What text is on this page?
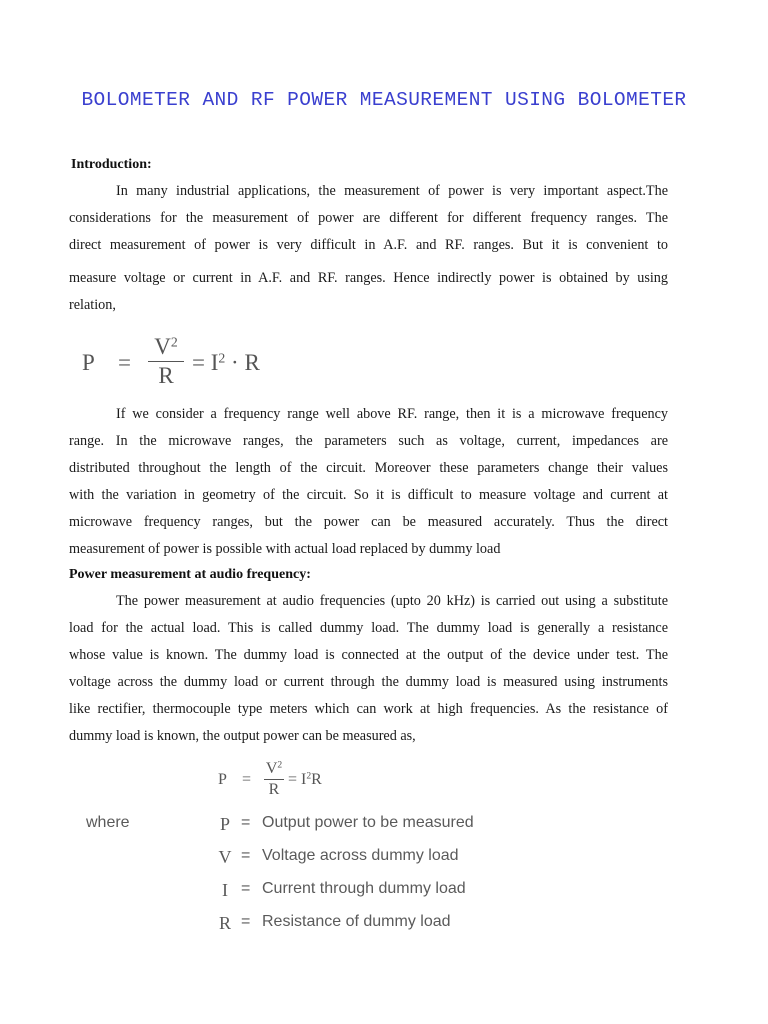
BOLOMETER AND RF POWER MEASUREMENT USING BOLOMETER
Introduction:
In many industrial applications, the measurement of power is very important aspect.The
considerations for the measurement of power are different for different frequency ranges. The
direct measurement of power is very difficult in A.F. and RF. ranges. But it is convenient to
measure voltage or current in A.F. and RF. ranges. Hence indirectly power is obtained by using
relation,
P =
$V^2$
R
= $I^2 \cdot R$
If we consider a frequency range well above RF. range, then it is a microwave frequency
range. In the microwave ranges, the parameters such as voltage, current, impedances are
distributed throughout the length of the circuit. Moreover these parameters change their values
with the variation in geometry of the circuit. So it is difficult to measure voltage and current at
microwave frequency ranges, but the power can be measured accurately. Thus the direct
measurement of power is possible with actual load replaced by dummy load
Power measurement at audio frequency:
The power measurement at audio frequencies (upto 20 kHz) is carried out using a substitute
load for the actual load. This is called dummy load. The dummy load is generally a resistance
whose value is known. The dummy load is connected at the output of the device under test. The
voltage across the dummy load or current through the dummy load is measured using instruments
like rectifier, thermocouple type meters which can work at high frequencies. As the resistance of
dummy load is known, the output power can be measured as,
P =
$V^2$
R
= $I^2R$
where	P = Output power to be measured
V = Voltage across dummy load
I = Current through dummy load
R = Resistance of dummy load
